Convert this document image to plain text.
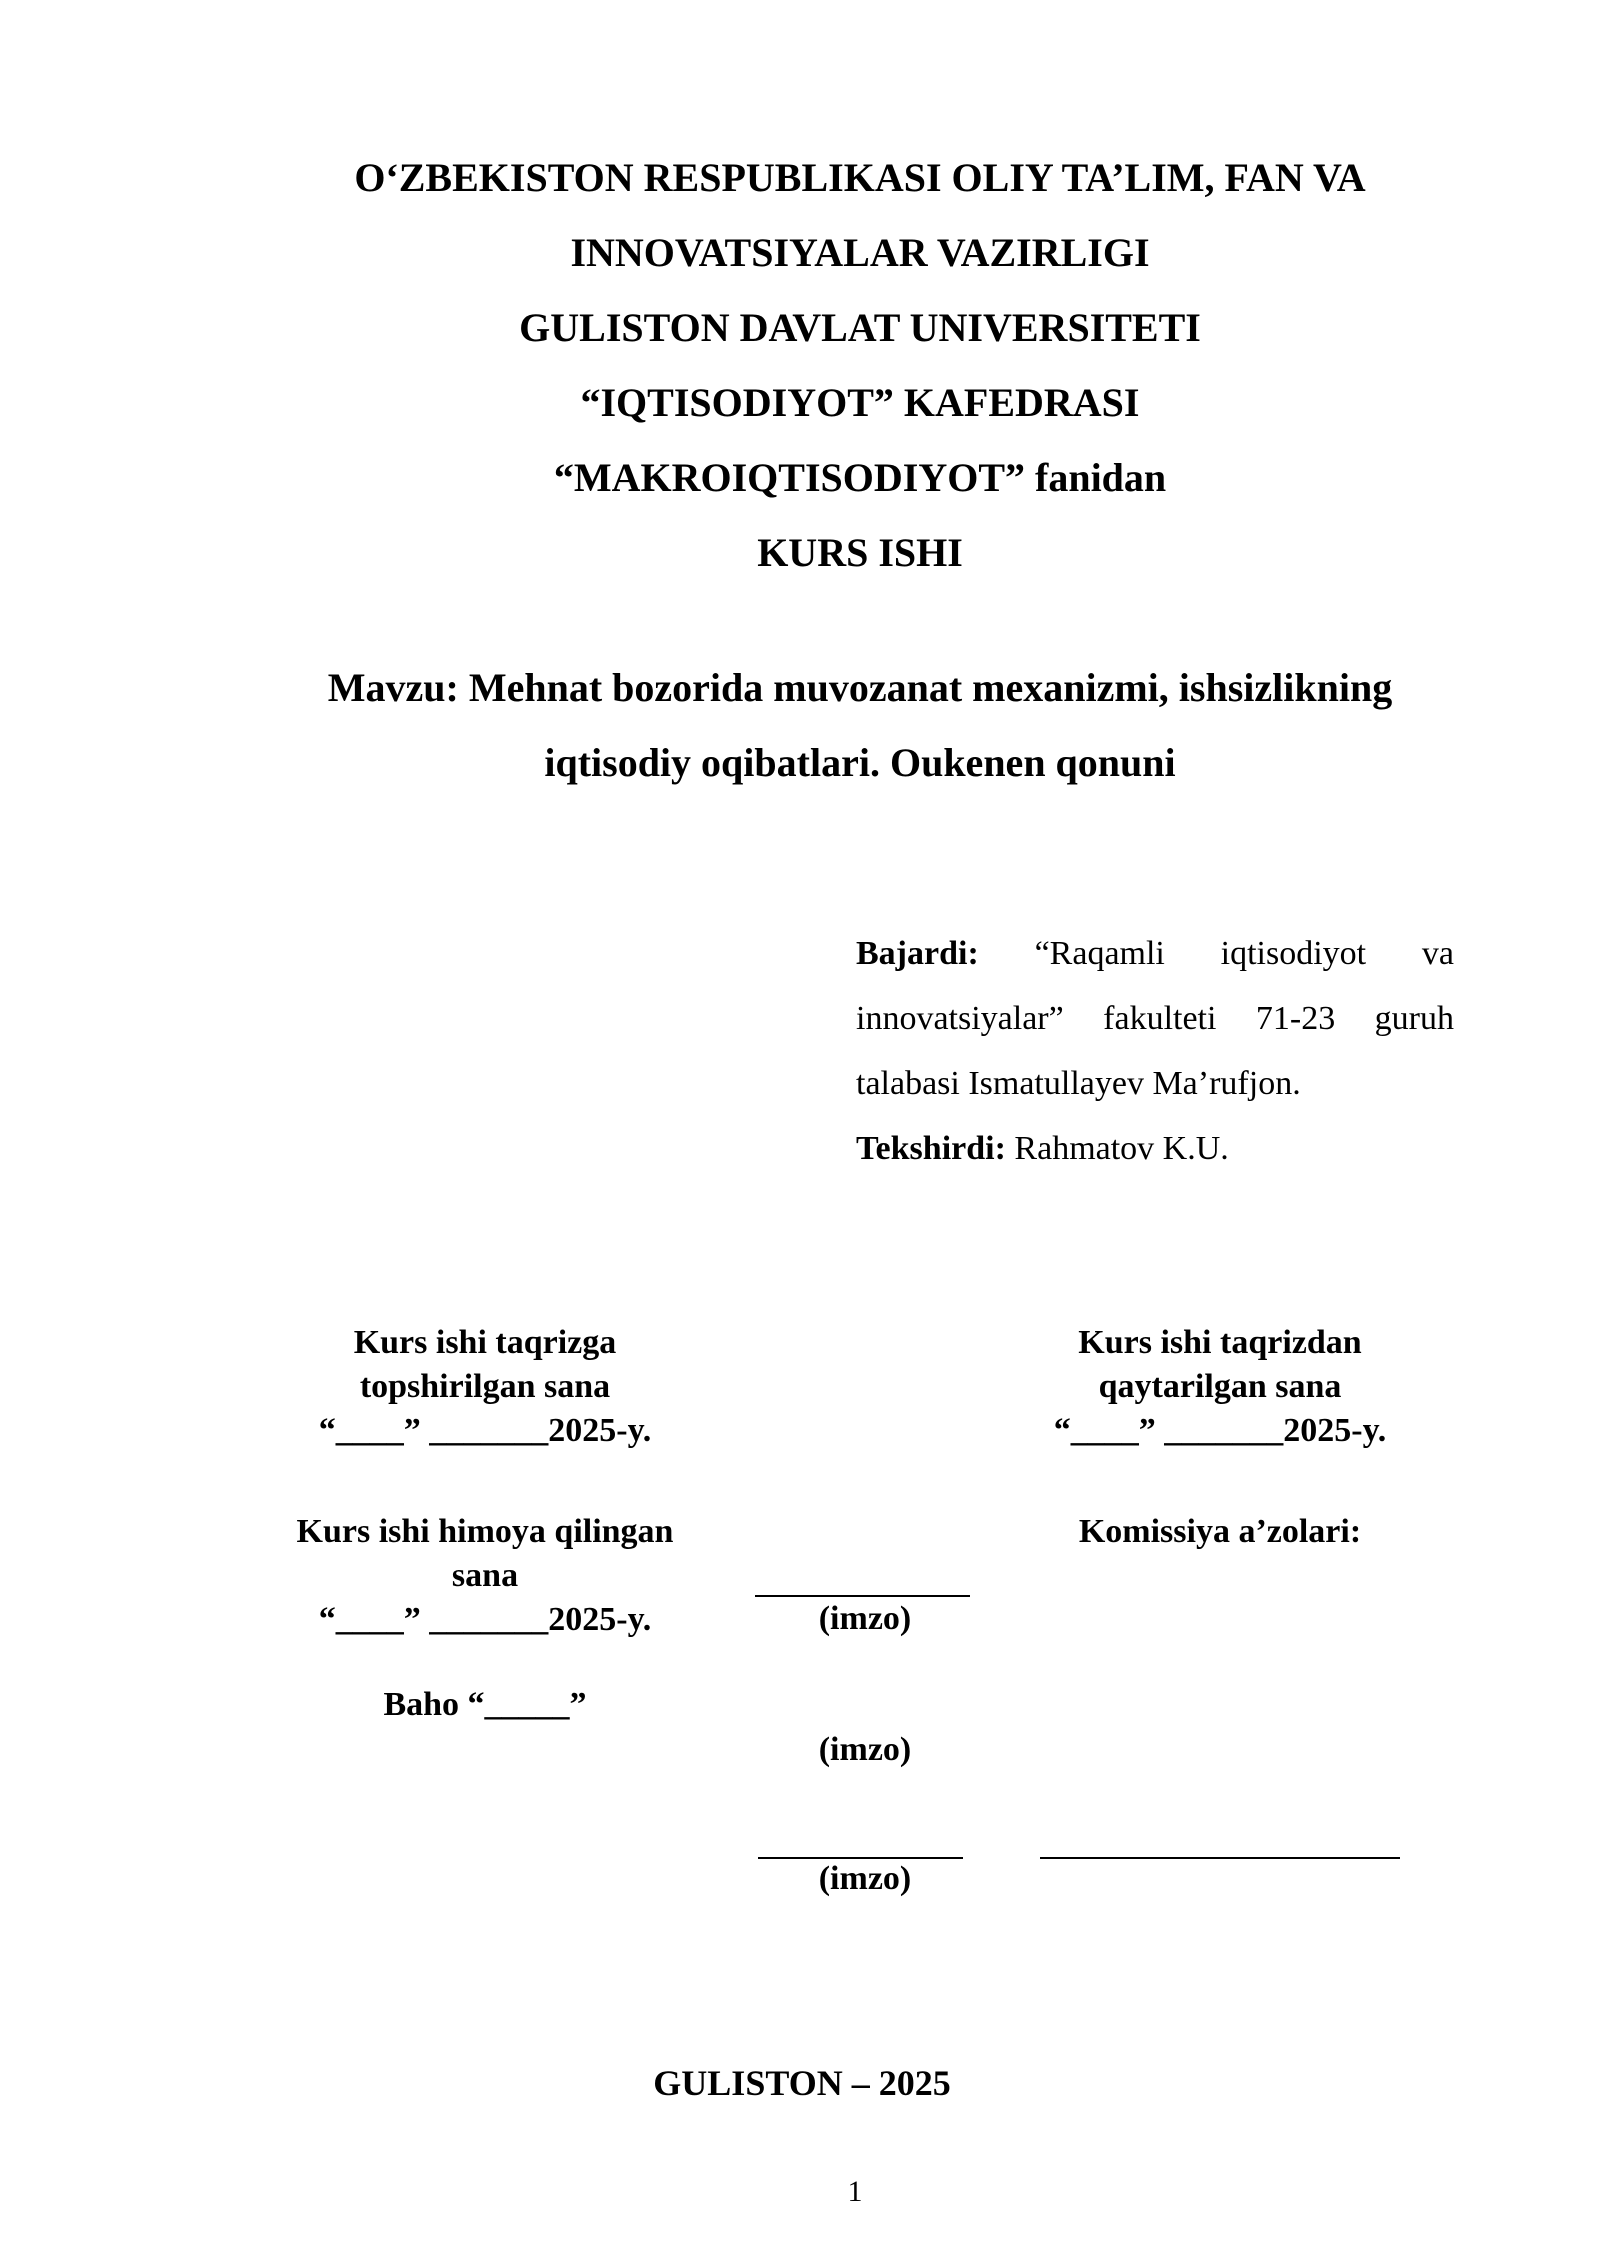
O‘ZBEKISTON RESPUBLIKASI OLIY TA’LIM, FAN VA
INNOVATSIYALAR VAZIRLIGI
GULISTON DAVLAT UNIVERSITETI
“IQTISODIYOT” KAFEDRASI
“MAKROIQTISODIYOT” fanidan
KURS ISHI
Mavzu: Mehnat bozorida muvozanat mexanizmi, ishsizlikning
iqtisodiy oqibatlari. Oukenen qonuni

Bajardi: “Raqamli iqtisodiyot va innovatsiyalar” fakulteti 71-23 guruh talabasi Ismatullayev Ma’rufjon.

Tekshirdi: Rahmatov K.U.

Kurs ishi taqrizga
topshirilgan sana
“____” _______2025-y.
Kurs ishi taqrizdan
qaytarilgan sana
“____” _______2025-y.
Kurs ishi himoya qilingan
sana
“____” _______2025-y.
Komissiya a’zolari:
Baho “_____”
(imzo)
(imzo)
(imzo)
GULISTON – 2025
1
